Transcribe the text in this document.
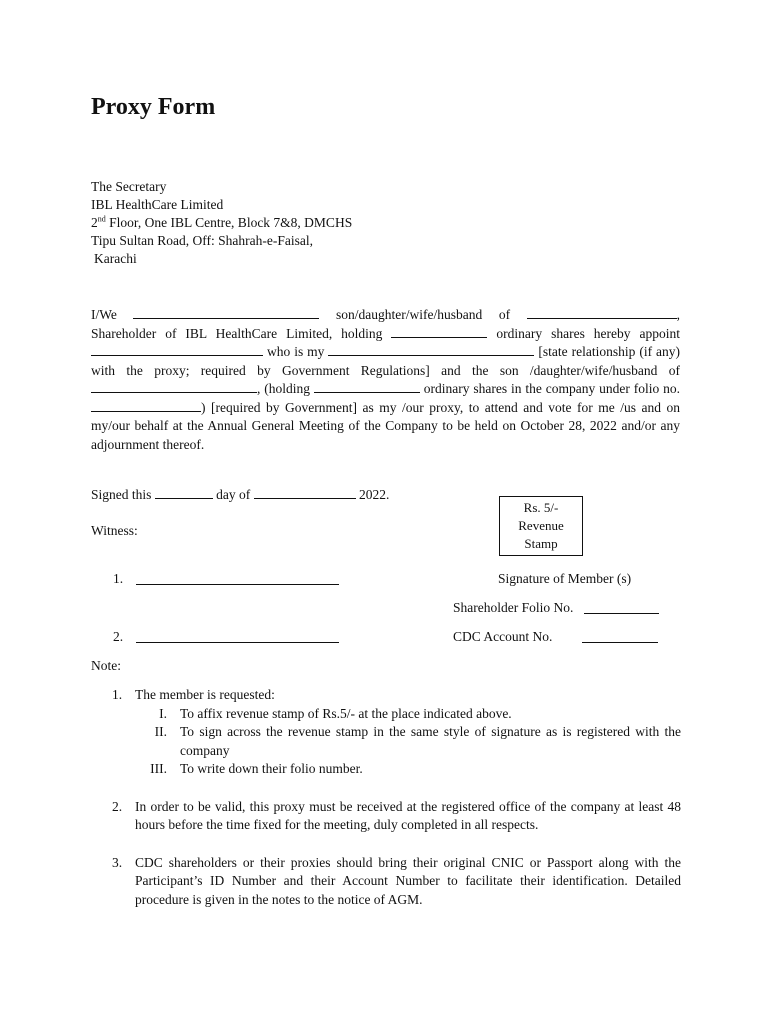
Proxy Form
The Secretary
IBL HealthCare Limited
2nd Floor, One IBL Centre, Block 7&8, DMCHS
Tipu Sultan Road, Off: Shahrah-e-Faisal,
Karachi

I/We	son/daughter/wife/husband of	, Shareholder of IBL HealthCare Limited, holding	ordinary shares hereby appoint  who is my	[state relationship (if any) with the proxy; required by Government Regulations] and the son /daughter/wife/husband of , (holding	ordinary shares in the company under folio no. ) [required by Government] as my /our proxy, to attend and vote for me /us and on my/our behalf at the Annual General Meeting of the Company to be held on October 28, 2022 and/or any adjournment thereof.

Signed this	day of	2022.
Rs. 5/-
Revenue
Stamp
Witness:
1.	Signature of Member (s)
Shareholder Folio No.
2.	CDC Account No.
Note:
1. The member is requested:
I. To affix revenue stamp of Rs.5/- at the place indicated above.
II. To sign across the revenue stamp in the same style of signature as is registered with the company
III. To write down their folio number.
2. In order to be valid, this proxy must be received at the registered office of the company at least 48 hours before the time fixed for the meeting, duly completed in all respects.
3. CDC shareholders or their proxies should bring their original CNIC or Passport along with the Participant’s ID Number and their Account Number to facilitate their identification. Detailed procedure is given in the notes to the notice of AGM.
